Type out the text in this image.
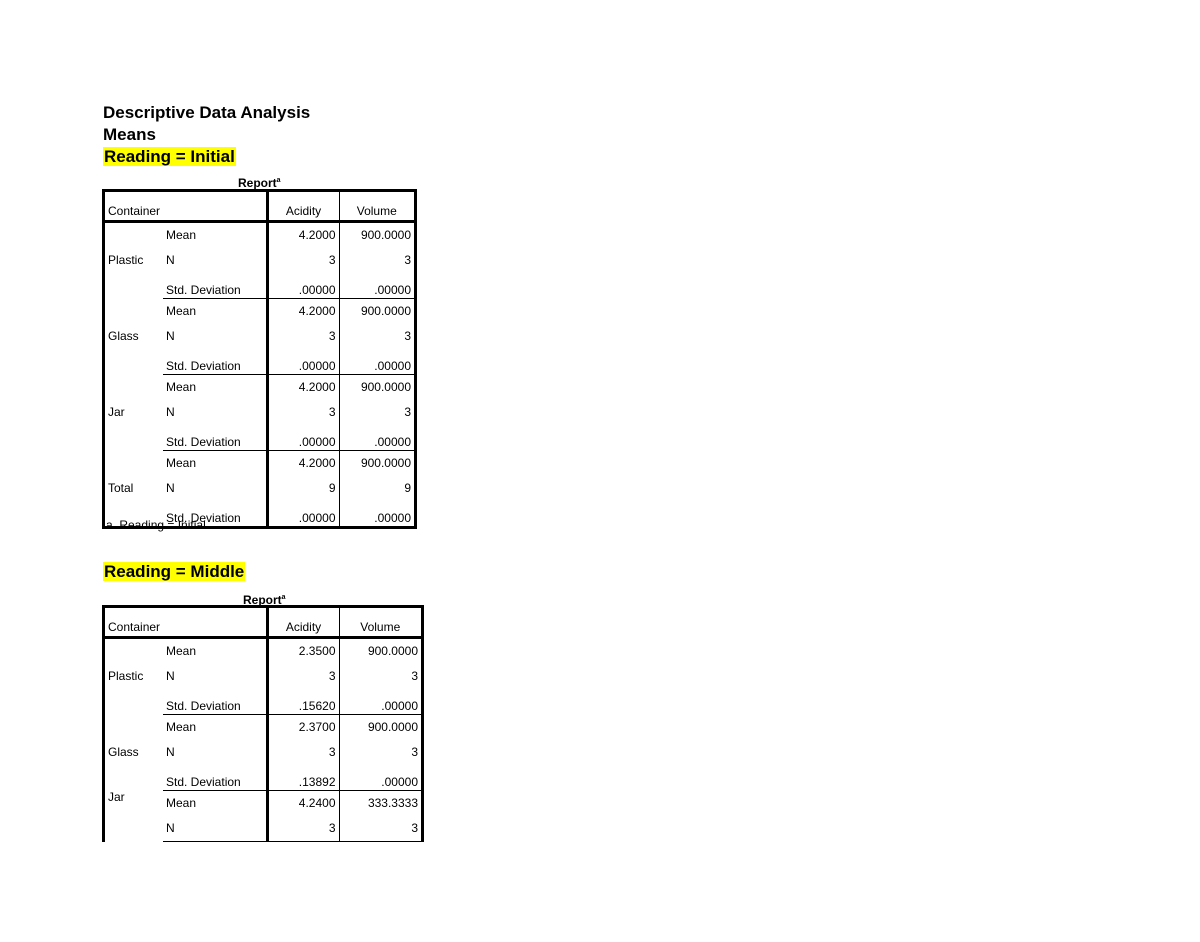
Descriptive Data Analysis
Means
Reading = Initial
Report$^a$
Container		Acidity	Volume
Plastic	Mean	4.2000	900.0000
	N	3	3
	Std. Deviation	.00000	.00000
Glass	Mean	4.2000	900.0000
	N	3	3
	Std. Deviation	.00000	.00000
Jar	Mean	4.2000	900.0000
	N	3	3
	Std. Deviation	.00000	.00000
Total	Mean	4.2000	900.0000
	N	9	9
	Std. Deviation	.00000	.00000
a. Reading = Initial
Reading = Middle
Report$^a$
Container		Acidity	Volume
Plastic	Mean	2.3500	900.0000
	N	3	3
	Std. Deviation	.15620	.00000
Glass	Mean	2.3700	900.0000
	N	3	3
	Std. Deviation	.13892	.00000
Jar	Mean	4.2400	333.3333
	N	3	3
